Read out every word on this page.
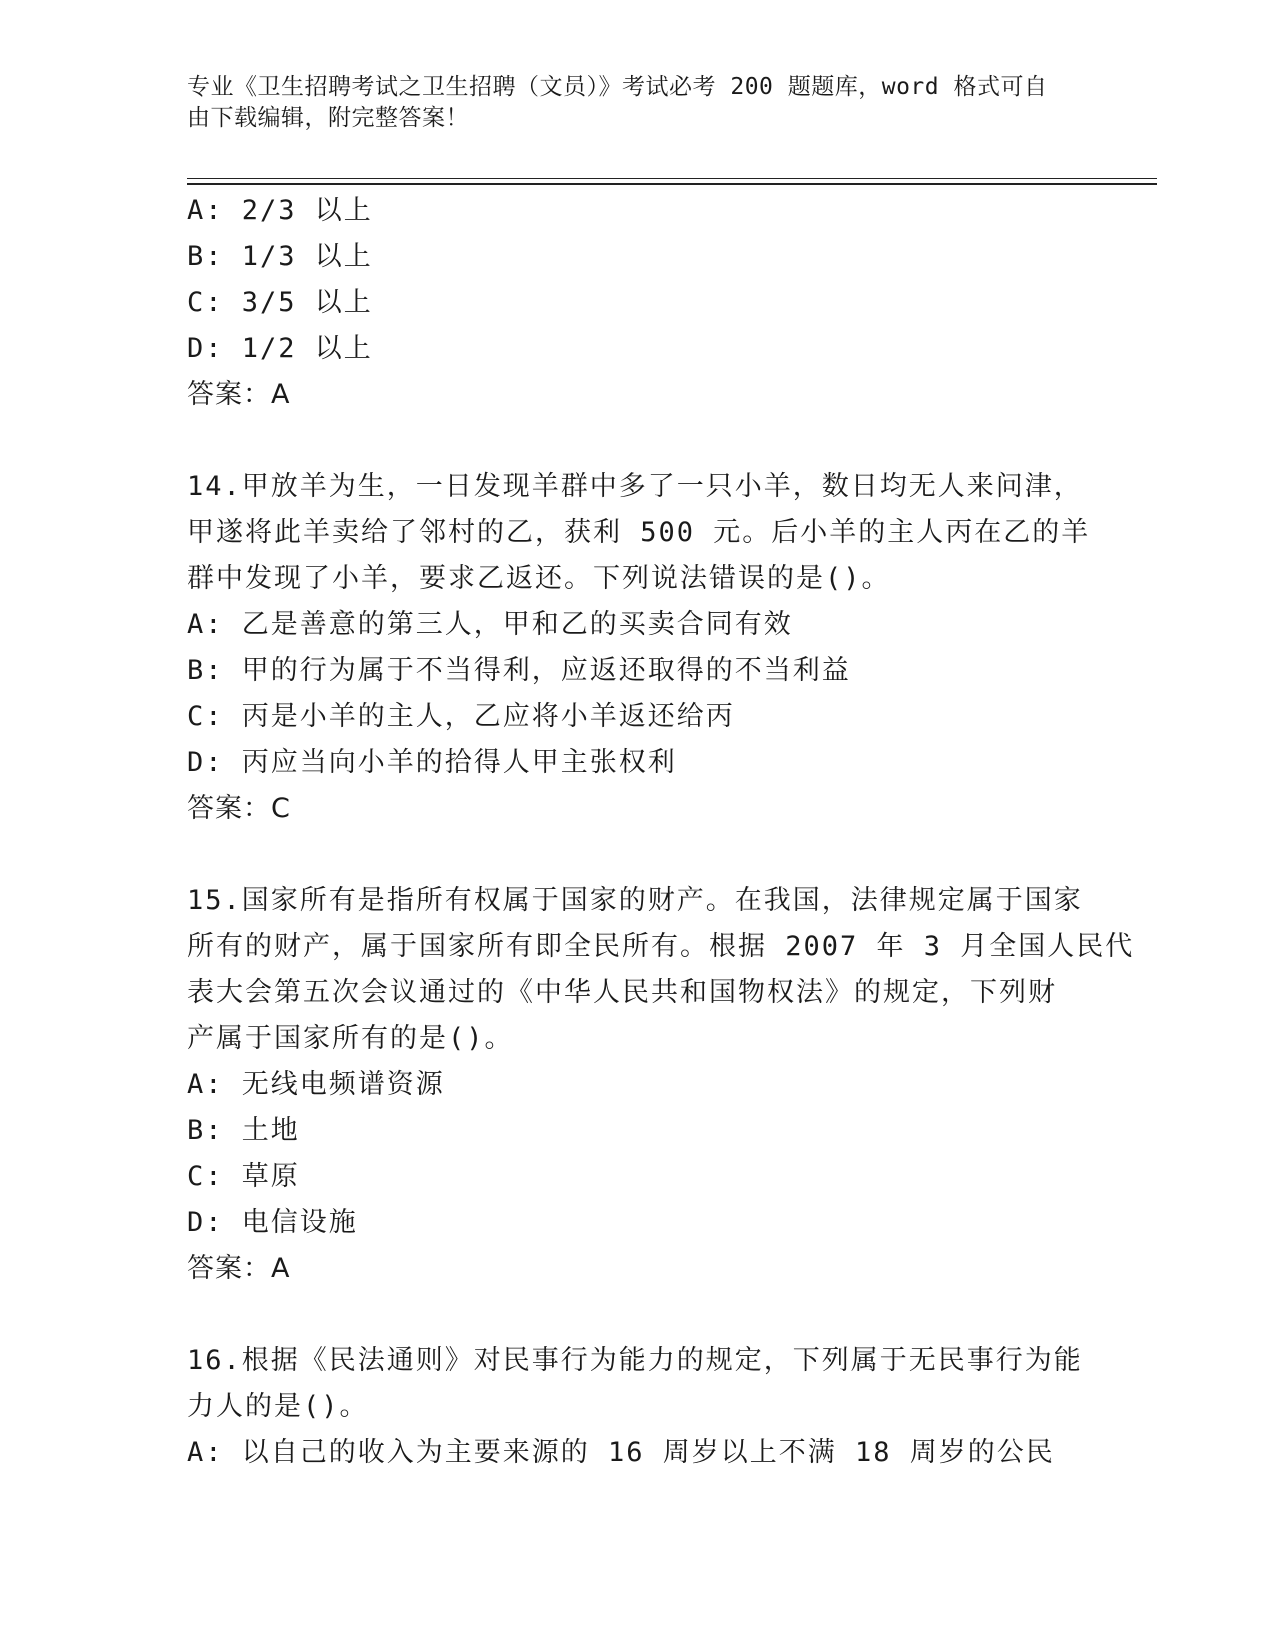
专业《卫生招聘考试之卫生招聘（文员）》考试必考 200 题题库，word 格式可自
由下载编辑，附完整答案！
A: 2/3 以上
B: 1/3 以上
C: 3/5 以上
D: 1/2 以上
答案：A
14.甲放羊为生，一日发现羊群中多了一只小羊，数日均无人来问津，
甲遂将此羊卖给了邻村的乙，获利 500 元。后小羊的主人丙在乙的羊
群中发现了小羊，要求乙返还。下列说法错误的是()。
A: 乙是善意的第三人，甲和乙的买卖合同有效
B: 甲的行为属于不当得利，应返还取得的不当利益
C: 丙是小羊的主人，乙应将小羊返还给丙
D: 丙应当向小羊的拾得人甲主张权利
答案：C
15.国家所有是指所有权属于国家的财产。在我国，法律规定属于国家
所有的财产，属于国家所有即全民所有。根据 2007 年 3 月全国人民代
表大会第五次会议通过的《中华人民共和国物权法》的规定，下列财
产属于国家所有的是()。
A: 无线电频谱资源
B: 土地
C: 草原
D: 电信设施
答案：A
16.根据《民法通则》对民事行为能力的规定，下列属于无民事行为能
力人的是()。
A: 以自己的收入为主要来源的 16 周岁以上不满 18 周岁的公民
